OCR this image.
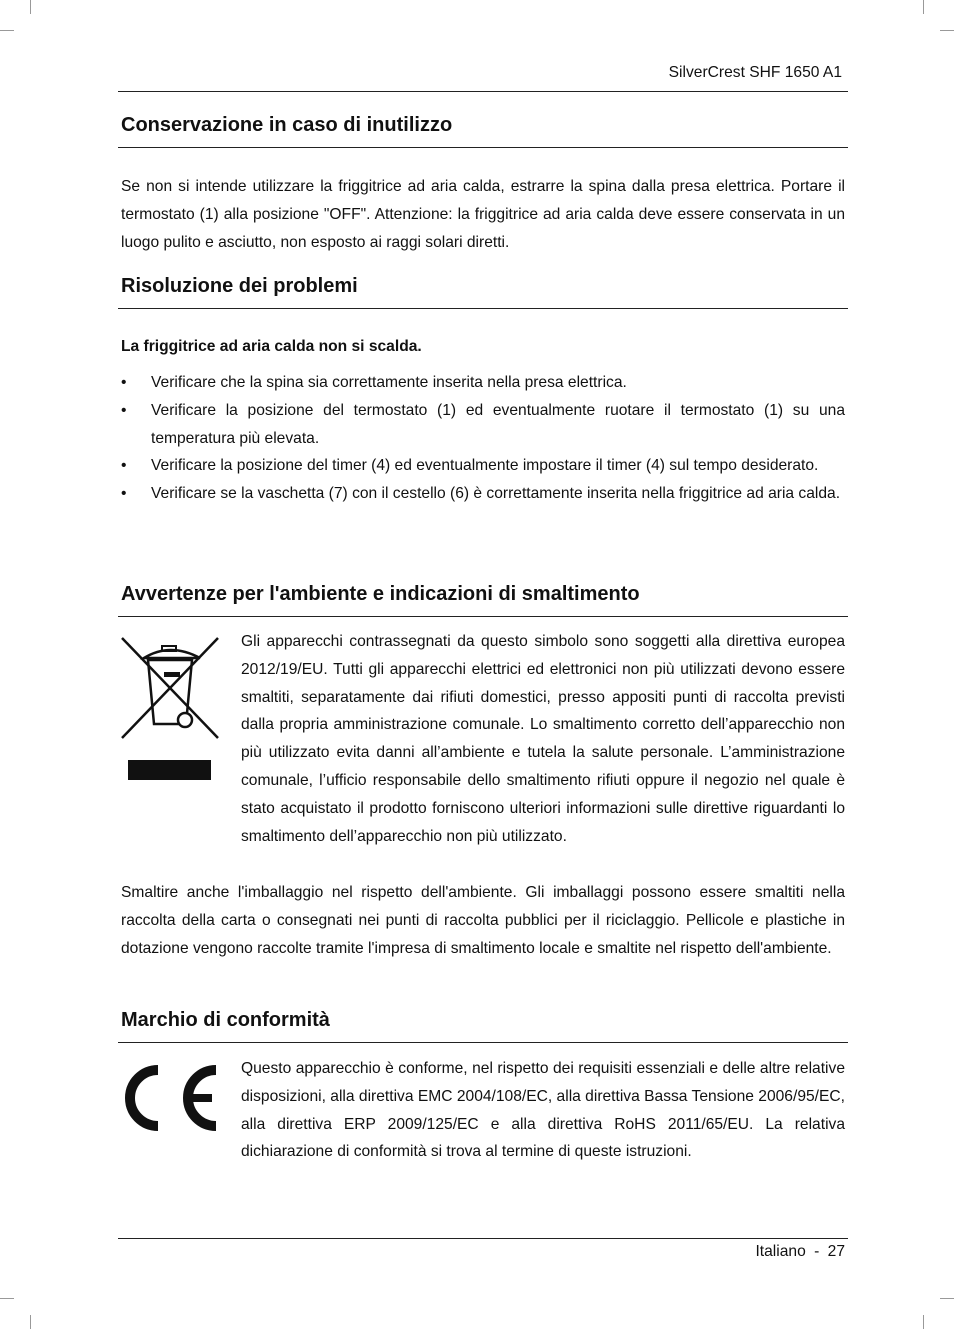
SilverCrest SHF 1650 A1
Conservazione in caso di inutilizzo

Se non si intende utilizzare la friggitrice ad aria calda, estrarre la spina dalla presa elettrica. Portare il termostato (1) alla posizione "OFF". Attenzione: la friggitrice ad aria calda deve essere conservata in un luogo pulito e asciutto, non esposto ai raggi solari diretti.

Risoluzione dei problemi
La friggitrice ad aria calda non si scalda.
• Verificare che la spina sia correttamente inserita nella presa elettrica.
• Verificare la posizione del termostato (1) ed eventualmente ruotare il termostato (1) su una temperatura più elevata.
• Verificare la posizione del timer (4) ed eventualmente impostare il timer (4) sul tempo desiderato.
• Verificare se la vaschetta (7) con il cestello (6) è correttamente inserita nella friggitrice ad aria calda.
Avvertenze per l'ambiente e indicazioni di smaltimento

Gli apparecchi contrassegnati da questo simbolo sono soggetti alla direttiva europea 2012/19/EU. Tutti gli apparecchi elettrici ed elettronici non più utilizzati devono essere smaltiti, separatamente dai rifiuti domestici, presso appositi punti di raccolta previsti dalla propria amministrazione comunale. Lo smaltimento corretto dell’apparecchio non più utilizzato evita danni all’ambiente e tutela la salute personale. L’amministrazione comunale, l’ufficio responsabile dello smaltimento rifiuti oppure il negozio nel quale è stato acquistato il prodotto forniscono ulteriori informazioni sulle direttive riguardanti lo smaltimento dell’apparecchio non più utilizzato.

Smaltire anche l'imballaggio nel rispetto dell'ambiente. Gli imballaggi possono essere smaltiti nella raccolta della carta o consegnati nei punti di raccolta pubblici per il riciclaggio. Pellicole e plastiche in dotazione vengono raccolte tramite l'impresa di smaltimento locale e smaltite nel rispetto dell'ambiente.

Marchio di conformità

Questo apparecchio è conforme, nel rispetto dei requisiti essenziali e delle altre relative disposizioni, alla direttiva EMC 2004/108/EC, alla direttiva Bassa Tensione 2006/95/EC, alla direttiva ERP 2009/125/EC e alla direttiva RoHS 2011/65/EU. La relativa dichiarazione di conformità si trova al termine di queste istruzioni.

Italiano - 27
